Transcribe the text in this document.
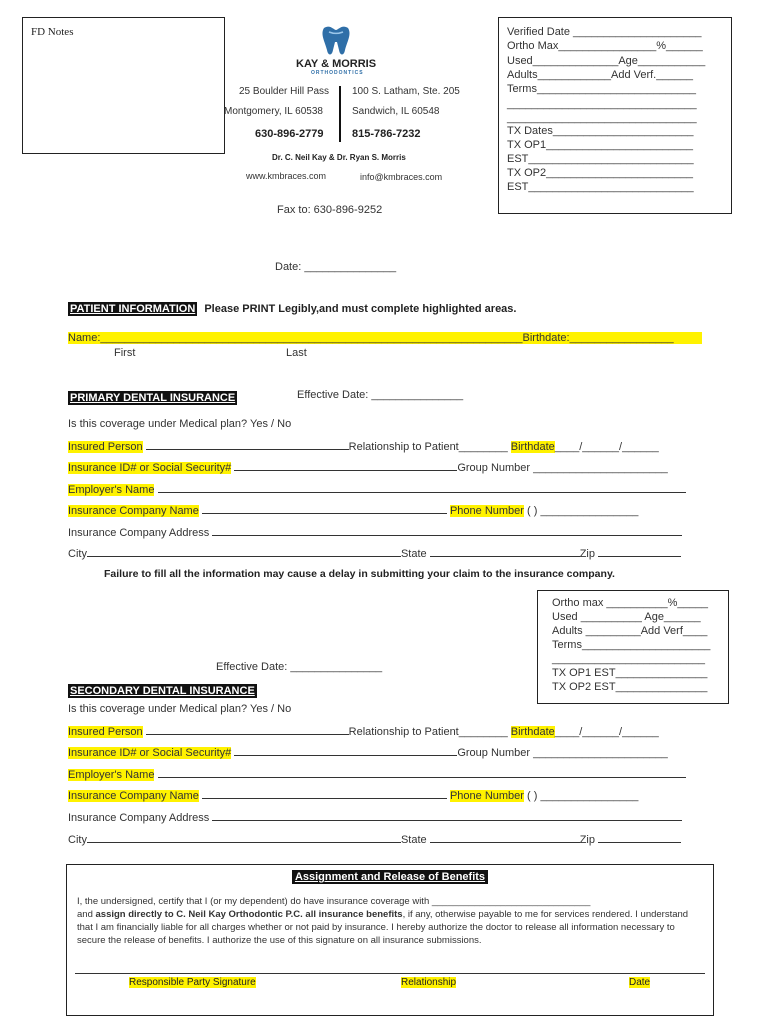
FD Notes
KAY & MORRIS
ORTHODONTICS
25 Boulder Hill Pass
Montgomery, IL 60538
100 S. Latham, Ste. 205
Sandwich, IL 60548
630-896-2779	815-786-7232
Dr. C. Neil Kay & Dr. Ryan S. Morris
www.kmbraces.com	info@kmbraces.com
Fax to: 630-896-9252
Verified Date _____________________
Ortho Max________________%______
Used______________Age___________
Adults____________Add Verf.______
Terms__________________________
_______________________________
_______________________________
TX Dates_______________________
TX OP1________________________
EST___________________________
TX OP2________________________
EST___________________________
Date: _______________
PATIENT INFORMATION Please PRINT Legibly,and must complete highlighted areas.
Name:_____________________________________________________________________Birthdate:_________________
First	Last
PRIMARY DENTAL INSURANCE	Effective Date: _______________
Is this coverage under Medical plan? Yes / No
Insured Person	Relationship to Patient________ Birthdate____/______/______
Insurance ID# or Social Security#	Group Number ______________________
Employer's Name
Insurance Company Name	Phone Number ( ) ________________
Insurance Company Address
City	State	Zip
Failure to fill all the information may cause a delay in submitting your claim to the insurance company.
Ortho max __________%_____
Used __________ Age______
Adults _________Add Verf____
Terms_____________________
_________________________
TX OP1 EST_______________
TX OP2 EST_______________
Effective Date: _______________
SECONDARY DENTAL INSURANCE
Is this coverage under Medical plan? Yes / No
Insured Person	Relationship to Patient________ Birthdate____/______/______
Insurance ID# or Social Security#	Group Number ______________________
Employer's Name
Insurance Company Name	Phone Number ( ) ________________
Insurance Company Address
City	State	Zip
Assignment and Release of Benefits

I, the undersigned, certify that I (or my dependent) do have insurance coverage with ______________________________
and assign directly to C. Neil Kay Orthodontic P.C. all insurance benefits, if any, otherwise payable to me for services rendered. I understand that I am financially liable for all charges whether or not paid by insurance. I hereby authorize the doctor to release all information necessary to secure the release of benefits. I authorize the use of this signature on all insurance submissions.

Responsible Party Signature	Relationship	Date
